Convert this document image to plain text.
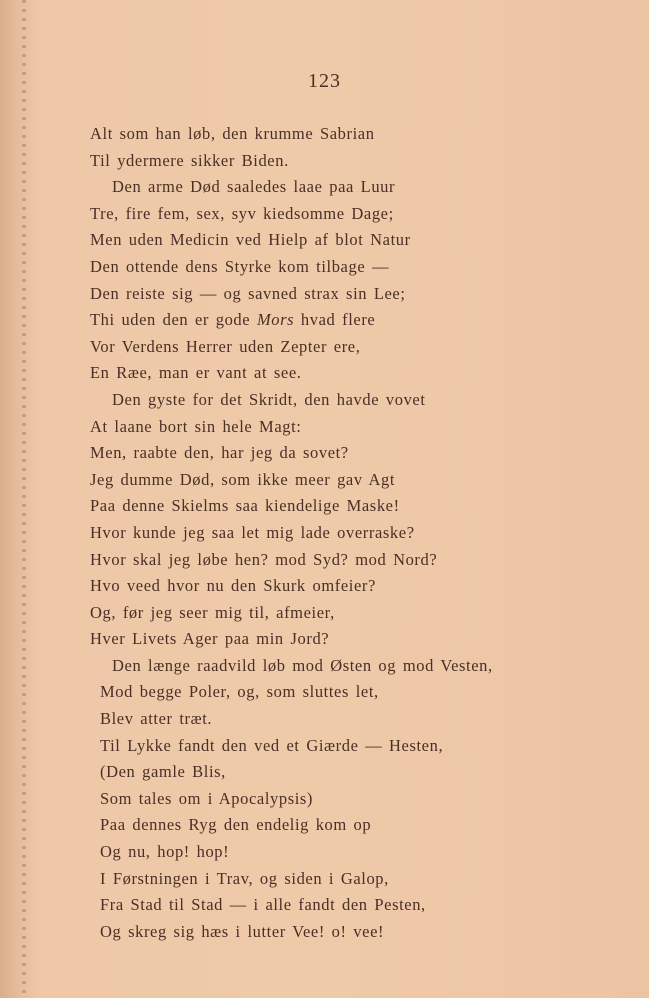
123
Alt som han løb, den krumme Sabrian
Til ydermere sikker Biden.
Den arme Død saaledes laae paa Luur
Tre, fire fem, sex, syv kiedsomme Dage;
Men uden Medicin ved Hielp af blot Natur
Den ottende dens Styrke kom tilbage —
Den reiste sig — og savned strax sin Lee;
Thi uden den er gode Mors hvad flere
Vor Verdens Herrer uden Zepter ere,
En Ræe, man er vant at see.
Den gyste for det Skridt, den havde vovet
At laane bort sin hele Magt:
Men, raabte den, har jeg da sovet?
Jeg dumme Død, som ikke meer gav Agt
Paa denne Skielms saa kiendelige Maske!
Hvor kunde jeg saa let mig lade overraske?
Hvor skal jeg løbe hen? mod Syd? mod Nord?
Hvo veed hvor nu den Skurk omfeier?
Og, før jeg seer mig til, afmeier,
Hver Livets Ager paa min Jord?
Den længe raadvild løb mod Østen og mod Vesten,
Mod begge Poler, og, som sluttes let,
Blev atter træt.
Til Lykke fandt den ved et Giærde — Hesten,
(Den gamle Blis,
Som tales om i Apocalypsis)
Paa dennes Ryg den endelig kom op
Og nu, hop! hop!
I Førstningen i Trav, og siden i Galop,
Fra Stad til Stad — i alle fandt den Pesten,
Og skreg sig hæs i lutter Vee! o! vee!
